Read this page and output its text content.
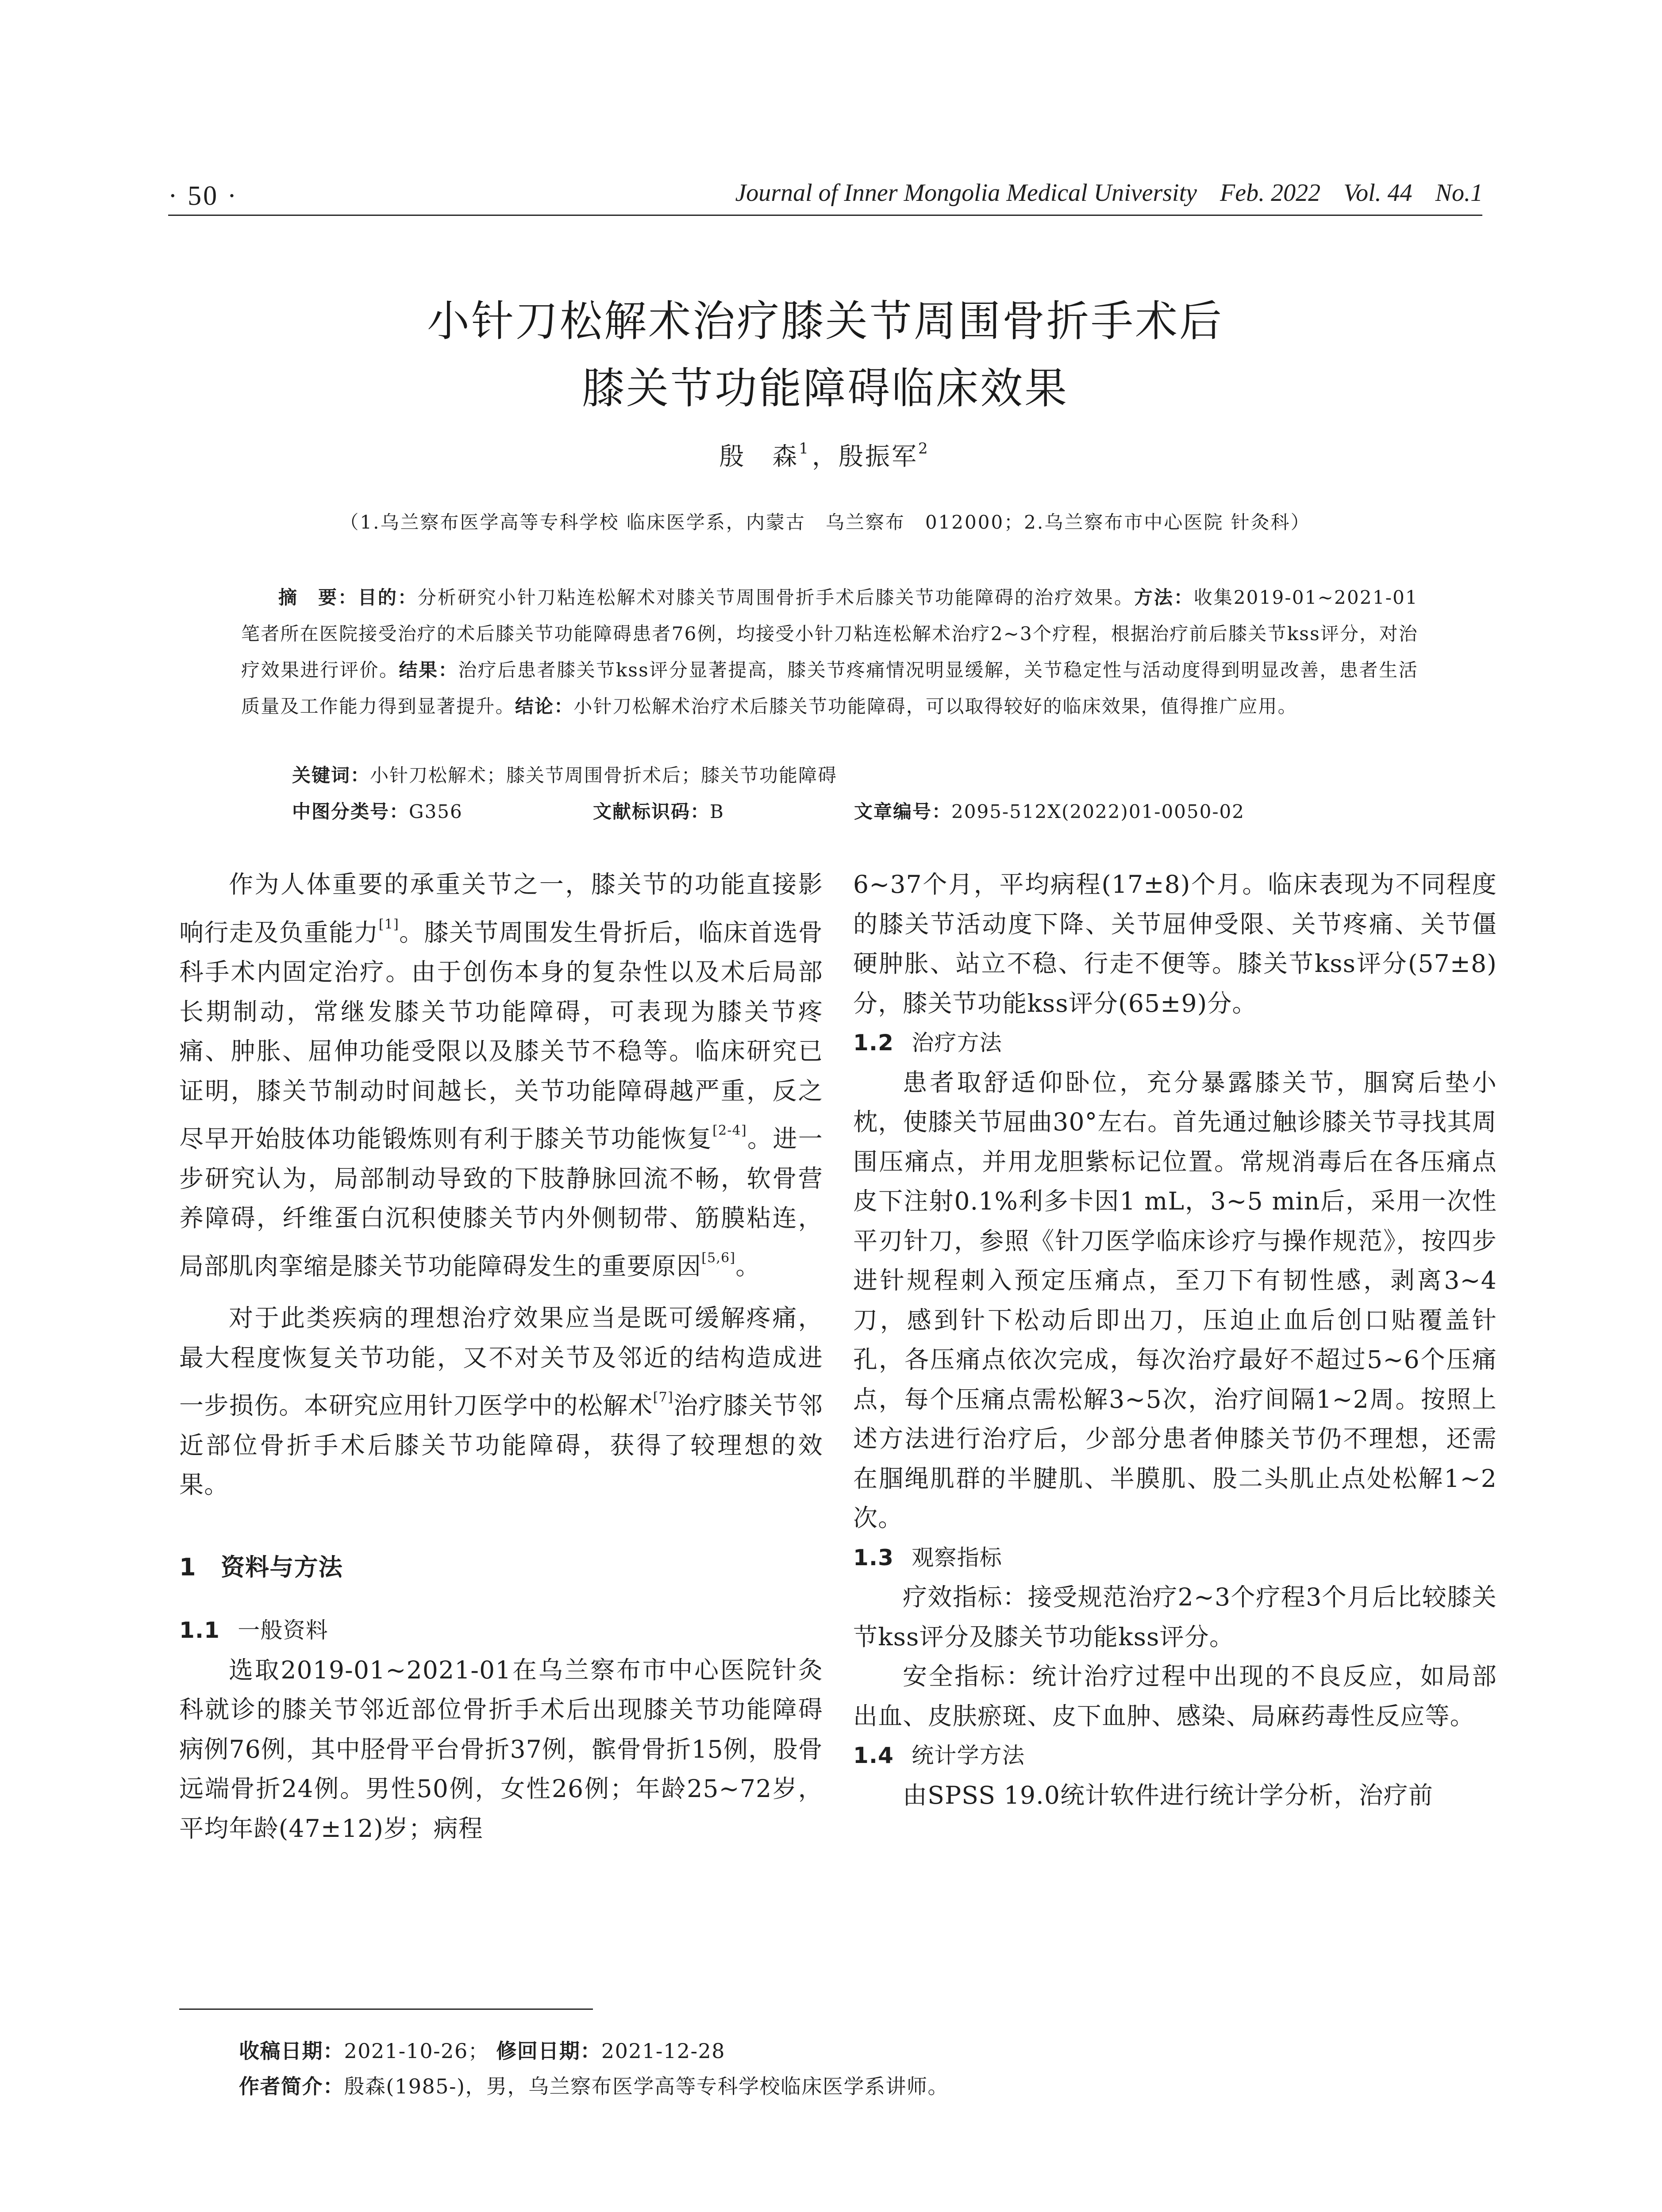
· 50 ·	Journal of Inner Mongolia Medical University Feb. 2022 Vol. 44 No.1
小针刀松解术治疗膝关节周围骨折手术后
膝关节功能障碍临床效果
殷　森$^1$，殷振军$^2$
（1.乌兰察布医学高等专科学校 临床医学系，内蒙古　乌兰察布　012000；2.乌兰察布市中心医院 针灸科）

摘　要：目的：分析研究小针刀粘连松解术对膝关节周围骨折手术后膝关节功能障碍的治疗效果。方法：收集2019-01~2021-01笔者所在医院接受治疗的术后膝关节功能障碍患者76例，均接受小针刀粘连松解术治疗2~3个疗程，根据治疗前后膝关节kss评分，对治疗效果进行评价。结果：治疗后患者膝关节kss评分显著提高，膝关节疼痛情况明显缓解，关节稳定性与活动度得到明显改善，患者生活质量及工作能力得到显著提升。结论：小针刀松解术治疗术后膝关节功能障碍，可以取得较好的临床效果，值得推广应用。

关键词：小针刀松解术；膝关节周围骨折术后；膝关节功能障碍
中图分类号：G356	文献标识码：B	文章编号：2095-512X(2022)01-0050-02

作为人体重要的承重关节之一，膝关节的功能直接影响行走及负重能力[1]。膝关节周围发生骨折后，临床首选骨科手术内固定治疗。由于创伤本身的复杂性以及术后局部长期制动，常继发膝关节功能障碍，可表现为膝关节疼痛、肿胀、屈伸功能受限以及膝关节不稳等。临床研究已证明，膝关节制动时间越长，关节功能障碍越严重，反之尽早开始肢体功能锻炼则有利于膝关节功能恢复[2-4]。进一步研究认为，局部制动导致的下肢静脉回流不畅，软骨营养障碍，纤维蛋白沉积使膝关节内外侧韧带、筋膜粘连，局部肌肉挛缩是膝关节功能障碍发生的重要原因[5,6]。

对于此类疾病的理想治疗效果应当是既可缓解疼痛，最大程度恢复关节功能，又不对关节及邻近的结构造成进一步损伤。本研究应用针刀医学中的松解术[7]治疗膝关节邻近部位骨折手术后膝关节功能障碍，获得了较理想的效果。

1　资料与方法

1.1 一般资料

选取2019-01~2021-01在乌兰察布市中心医院针灸科就诊的膝关节邻近部位骨折手术后出现膝关节功能障碍病例76例，其中胫骨平台骨折37例，髌骨骨折15例，股骨远端骨折24例。男性50例，女性26例；年龄25~72岁，平均年龄(47±12)岁；病程

6~37个月，平均病程(17±8)个月。临床表现为不同程度的膝关节活动度下降、关节屈伸受限、关节疼痛、关节僵硬肿胀、站立不稳、行走不便等。膝关节kss评分(57±8)分，膝关节功能kss评分(65±9)分。

1.2 治疗方法

患者取舒适仰卧位，充分暴露膝关节，腘窝后垫小枕，使膝关节屈曲30°左右。首先通过触诊膝关节寻找其周围压痛点，并用龙胆紫标记位置。常规消毒后在各压痛点皮下注射0.1%利多卡因1 mL，3~5 min后，采用一次性平刃针刀，参照《针刀医学临床诊疗与操作规范》，按四步进针规程刺入预定压痛点，至刀下有韧性感，剥离3~4刀，感到针下松动后即出刀，压迫止血后创口贴覆盖针孔，各压痛点依次完成，每次治疗最好不超过5~6个压痛点，每个压痛点需松解3~5次，治疗间隔1~2周。按照上述方法进行治疗后，少部分患者伸膝关节仍不理想，还需在腘绳肌群的半腱肌、半膜肌、股二头肌止点处松解1~2次。

1.3 观察指标

疗效指标：接受规范治疗2~3个疗程3个月后比较膝关节kss评分及膝关节功能kss评分。

安全指标：统计治疗过程中出现的不良反应，如局部出血、皮肤瘀斑、皮下血肿、感染、局麻药毒性反应等。

1.4 统计学方法

由SPSS 19.0统计软件进行统计学分析，治疗前

收稿日期：2021-10-26； 修回日期：2021-12-28
作者简介：殷森(1985-)，男，乌兰察布医学高等专科学校临床医学系讲师。
